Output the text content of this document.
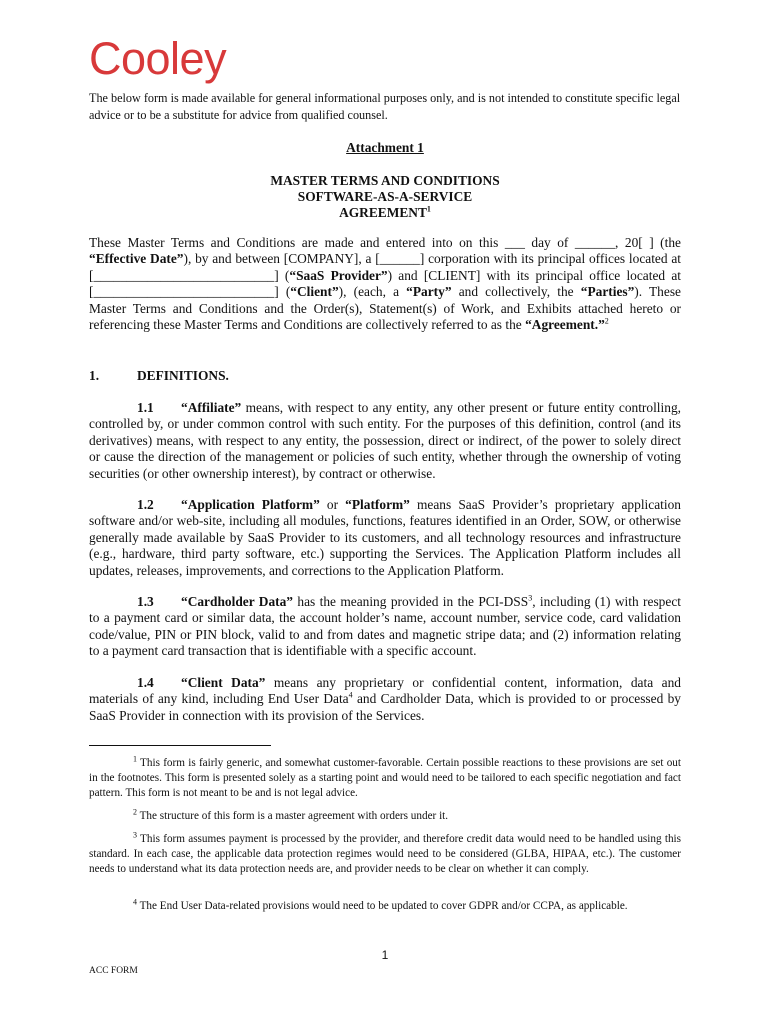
Cooley
The below form is made available for general informational purposes only, and is not intended to constitute specific legal advice or to be a substitute for advice from qualified counsel.
Attachment 1
MASTER TERMS AND CONDITIONS
SOFTWARE-AS-A-SERVICE
AGREEMENT$^1$
These Master Terms and Conditions are made and entered into on this ___ day of ______, 20[ ] (the “Effective Date”), by and between [COMPANY], a [______] corporation with its principal offices located at [___________________________] (“SaaS Provider”) and [CLIENT] with its principal office located at [___________________________] (“Client”), (each, a “Party” and collectively, the “Parties”). These Master Terms and Conditions and the Order(s), Statement(s) of Work, and Exhibits attached hereto or referencing these Master Terms and Conditions are collectively referred to as the “Agreement.”$^2$
1.	DEFINITIONS.
1.1 “Affiliate” means, with respect to any entity, any other present or future entity controlling, controlled by, or under common control with such entity. For the purposes of this definition, control (and its derivatives) means, with respect to any entity, the possession, direct or indirect, of the power to solely direct or cause the direction of the management or policies of such entity, whether through the ownership of voting securities (or other ownership interest), by contract or otherwise.
1.2 “Application Platform” or “Platform” means SaaS Provider’s proprietary application software and/or web-site, including all modules, functions, features identified in an Order, SOW, or otherwise generally made available by SaaS Provider to its customers, and all technology resources and infrastructure (e.g., hardware, third party software, etc.) supporting the Services. The Application Platform includes all updates, releases, improvements, and corrections to the Application Platform.
1.3 “Cardholder Data” has the meaning provided in the PCI-DSS$^3$, including (1) with respect to a payment card or similar data, the account holder’s name, account number, service code, card validation code/value, PIN or PIN block, valid to and from dates and magnetic stripe data; and (2) information relating to a payment card transaction that is identifiable with a specific account.
1.4 “Client Data” means any proprietary or confidential content, information, data and materials of any kind, including End User Data$^4$ and Cardholder Data, which is provided to or processed by SaaS Provider in connection with its provision of the Services.
$^1$ This form is fairly generic, and somewhat customer-favorable. Certain possible reactions to these provisions are set out in the footnotes. This form is presented solely as a starting point and would need to be tailored to each specific negotiation and fact pattern. This form is not meant to be and is not legal advice.
$^2$ The structure of this form is a master agreement with orders under it.
$^3$ This form assumes payment is processed by the provider, and therefore credit data would need to be handled using this standard. In each case, the applicable data protection regimes would need to be considered (GLBA, HIPAA, etc.). The customer needs to understand what its data protection needs are, and provider needs to be clear on whether it can comply.
$^4$ The End User Data-related provisions would need to be updated to cover GDPR and/or CCPA, as applicable.
1
ACC FORM
